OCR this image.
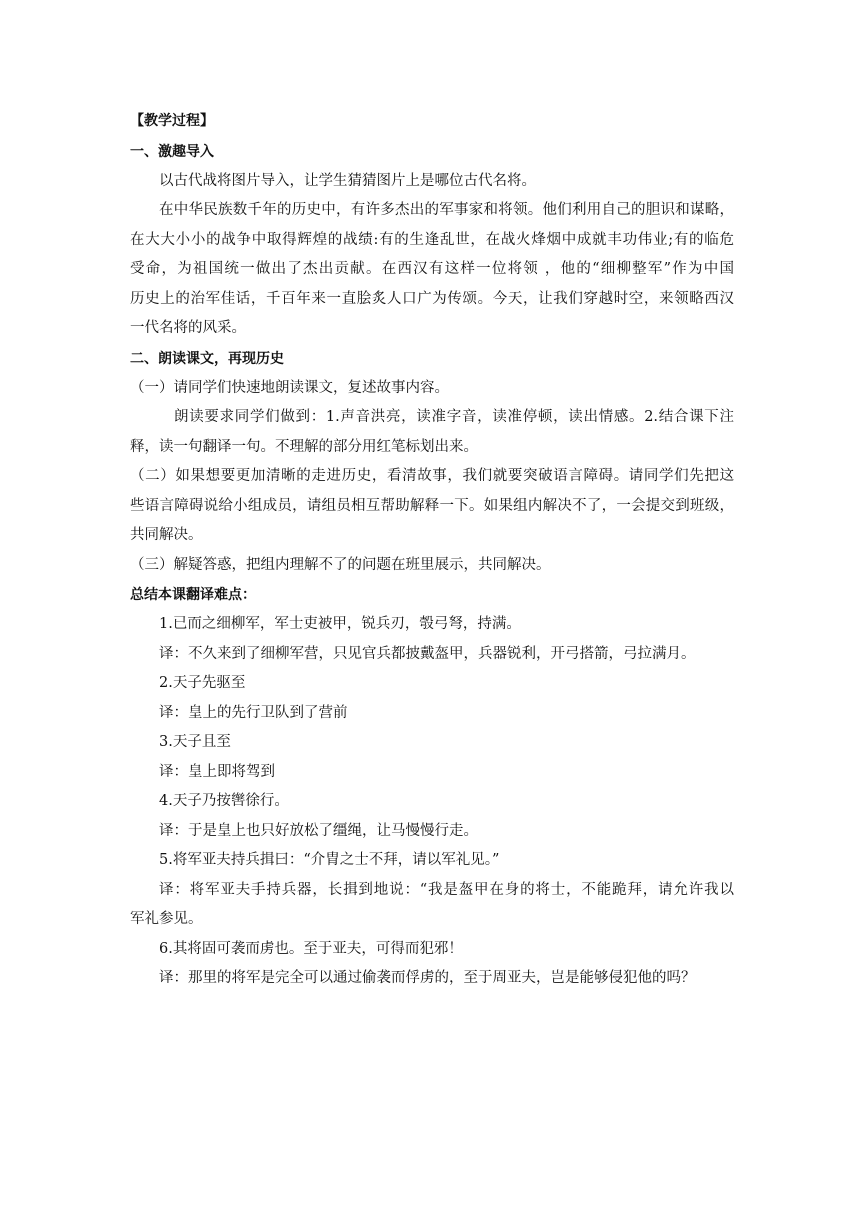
【教学过程】
一、激趣导入
以古代战将图片导入，让学生猜猜图片上是哪位古代名将。
在中华民族数千年的历史中，有许多杰出的军事家和将领。他们利用自己的胆识和谋略，
在大大小小的战争中取得辉煌的战绩:有的生逢乱世，在战火烽烟中成就丰功伟业;有的临危
受命，为祖国统一做出了杰出贡献。在西汉有这样一位将领 ，他的“细柳整军”作为中国
历史上的治军佳话，千百年来一直脍炙人口广为传颂。今天，让我们穿越时空，来领略西汉
一代名将的风采。
二、朗读课文，再现历史
（一）请同学们快速地朗读课文，复述故事内容。
朗读要求同学们做到：1.声音洪亮，读准字音，读准停顿，读出情感。2.结合课下注
释，读一句翻译一句。不理解的部分用红笔标划出来。
（二）如果想要更加清晰的走进历史，看清故事，我们就要突破语言障碍。请同学们先把这
些语言障碍说给小组成员，请组员相互帮助解释一下。如果组内解决不了，一会提交到班级，
共同解决。
（三）解疑答惑，把组内理解不了的问题在班里展示，共同解决。
总结本课翻译难点：
1.已而之细柳军，军士吏被甲，锐兵刃，彀弓弩，持满。
译：不久来到了细柳军营，只见官兵都披戴盔甲，兵器锐利，开弓搭箭，弓拉满月。
2.天子先驱至
译：皇上的先行卫队到了营前
3.天子且至
译：皇上即将驾到
4.天子乃按辔徐行。
译：于是皇上也只好放松了缰绳，让马慢慢行走。
5.将军亚夫持兵揖曰：“介胄之士不拜，请以军礼见。”
译：将军亚夫手持兵器，长揖到地说：“我是盔甲在身的将士，不能跪拜，请允许我以
军礼参见。
6.其将固可袭而虏也。至于亚夫，可得而犯邪！
译：那里的将军是完全可以通过偷袭而俘虏的，至于周亚夫，岂是能够侵犯他的吗？
